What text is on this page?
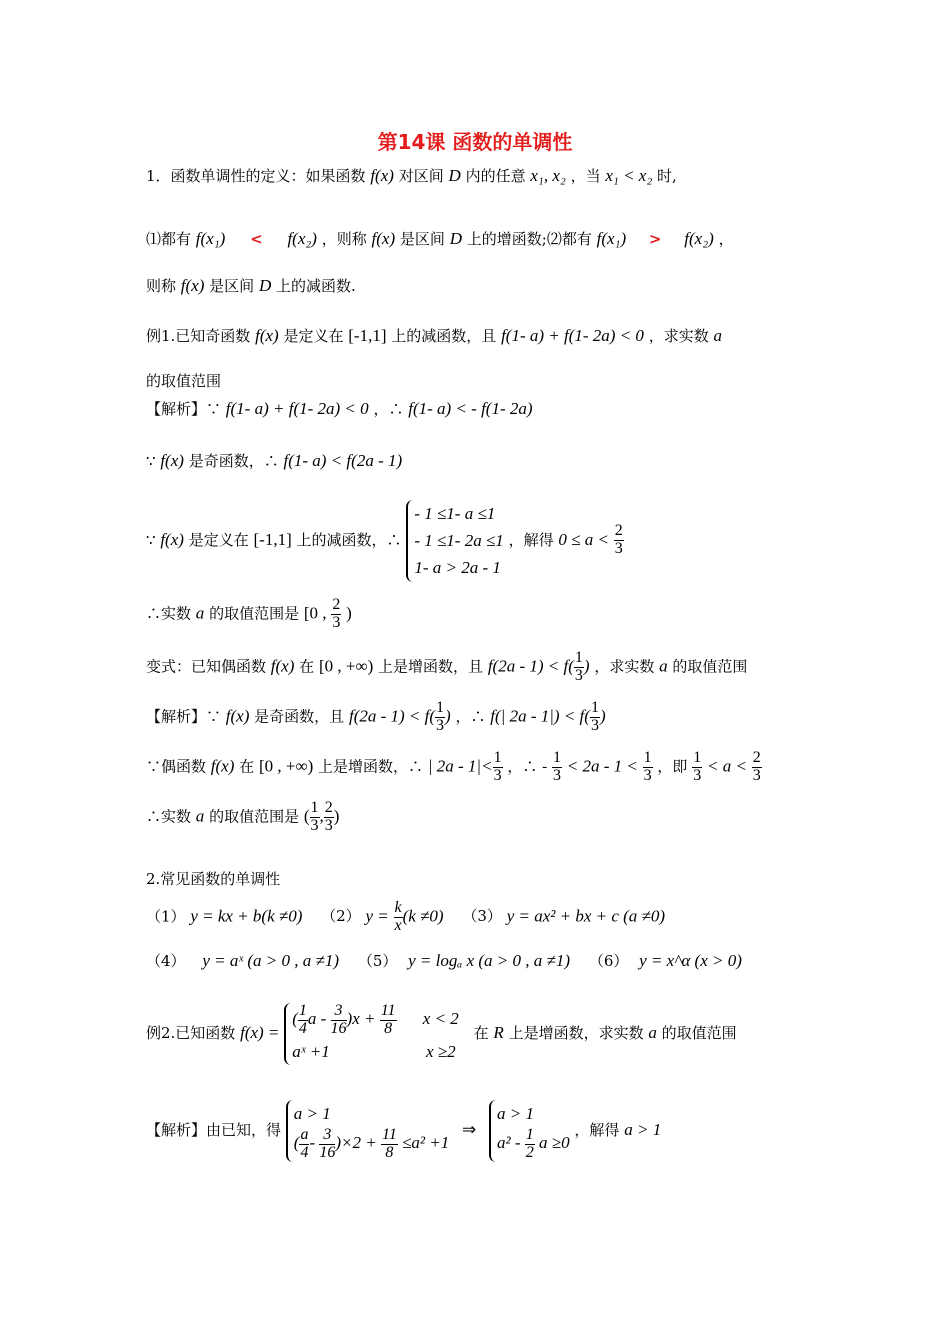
第14课 函数的单调性
1．函数单调性的定义：如果函数 f(x) 对区间 D 内的任意 x₁, x₂ ，当 x₁ < x₂ 时,
⑴都有 f(x₁) < f(x₂) ，则称 f(x) 是区间 D 上的增函数;⑵都有 f(x₁) > f(x₂) ，
则称 f(x) 是区间 D 上的减函数.
例1.已知奇函数 f(x) 是定义在 [-1,1] 上的减函数，且 f(1- a) + f(1- 2a) < 0 ，求实数 a
的取值范围
【解析】∵ f(1- a) + f(1- 2a) < 0 ，∴ f(1- a) < - f(1- 2a)
∵ f(x) 是奇函数，∴ f(1- a) < f(2a - 1)
∵ f(x) 是定义在 [-1,1] 上的减函数，∴
- 1 ≤1- a ≤1
- 1 ≤1- 2a ≤1
1- a > 2a - 1
，解得 $0 \le a < \frac{2}{3}$
∴实数 a 的取值范围是 [0 , $\frac{2}{3}$ )
变式：已知偶函数 f(x) 在 [0 , +∞) 上是增函数，且 $f(2a - 1) < f( \frac{1}{3}$ ) ，求实数 a 的取值范围
【解析】∵ f(x) 是奇函数，且 $f(2a - 1) < f( \frac{1}{3}$ ) ，∴ f(| $2a - 1|) < f( \frac{1}{3}$ )
∵偶函数 f(x) 在 [0 , +∞) 上是增函数，∴ | $2a - 1|< \frac{1}{3}$ ，∴ - $\frac{1}{3} < 2a - 1 < \frac{1}{3}$ ，即 $\frac{1}{3} < a < \frac{2}{3}$
∴实数 a 的取值范围是 ( $\frac{1}{3}$ , $\frac{2}{3}$ )
2.常见函数的单调性
（1） y = kx + b(k ≠0) （2） $y = \frac{k}{x} (k \ne 0)$ （3） y = ax² + bx + c (a ≠0)
（4） y = aˣ (a > 0 , a ≠1) （5） y = logₐ x (a > 0 , a ≠1) （6） y = x^α (x > 0)
例2.已知函数 f(x) =
( $\frac{1}{4}$ $a - \frac{3}{16} )x + \frac{11}{8}$ x < 2
aˣ +1	x ≥2
在 R 上是增函数，求实数 a 的取值范围
【解析】由已知，得
a > 1
( $\frac{a}{4} - \frac{3}{16} )\times 2 + \frac{11}{8} \le a^2 +1$
⇒
a > 1
$a^2 - \frac{1}{2}$ a ≥0
，解得 a > 1
